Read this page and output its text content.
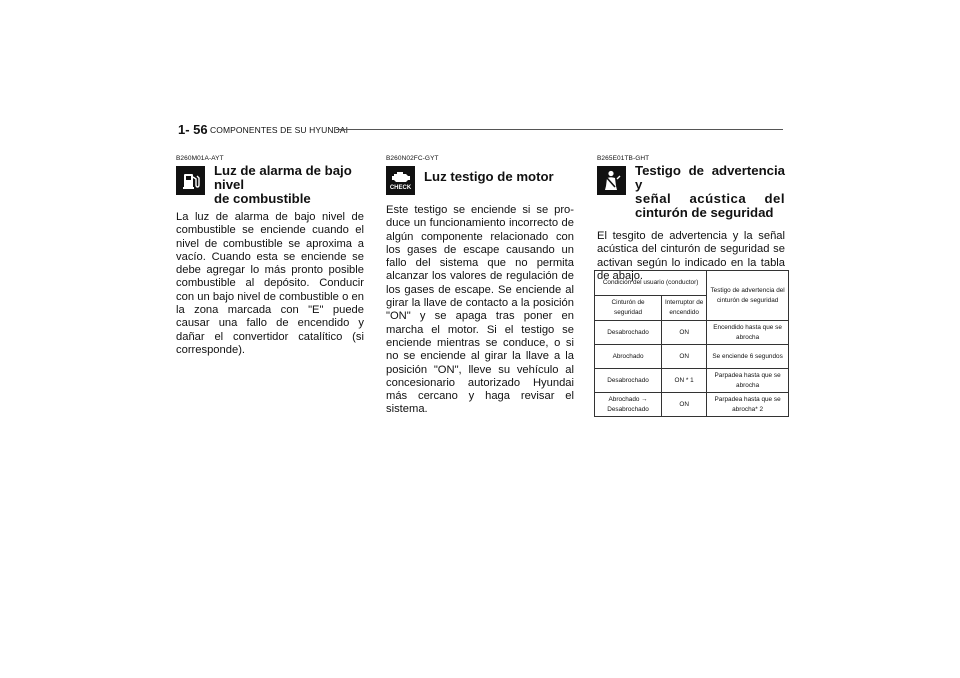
1- 56 COMPONENTES DE SU HYUNDAI
B260M01A-AYT
Luz de alarma de bajo nivel
de combustible
La luz de alarma de bajo nivel de combustible se enciende cuando el nivel de combustible se aproxima a vacío. Cuando esta se enciende se debe agregar lo más pronto posible combustible al depósito. Conducir con un bajo nivel de combustible o en la zona marcada con "E" puede causar una fallo de encendido y dañar el convertidor catalítico (si corresponde).
B260N02FC-GYT
CHECK
Luz testigo de motor
Este testigo se enciende si se pro- duce un funcionamiento incorrecto de algún componente relacionado con los gases de escape causando un fallo del sistema que no permita alcanzar los valores de regulación de los gases de escape. Se enciende al girar la llave de contacto a la posición "ON" y se apaga tras poner en marcha el motor. Si el testigo se enciende mientras se conduce, o si no se enciende al girar la llave a la posición "ON", lleve su vehículo al concesionario autorizado Hyundai más cercano y haga revisar el sistema.
B265E01TB-GHT
Testigo de advertencia y
señal acústica del
cinturón de seguridad
El tesgito de advertencia y la señal acústica del cinturón de seguridad se activan según lo indicado en la tabla de abajo.
Condición del usuario (conductor)		Testigo de advertencia del cinturón de seguridad
Cinturón de seguridad	Interruptor de encendido	
Desabrochado	ON	Encendido hasta que se abrocha
Abrochado	ON	Se enciende 6 segundos
Desabrochado	ON * 1	Parpadea hasta que se abrocha

Abrochado →
Desabrochado	ON	Parpadea hasta que se abrocha* 2
